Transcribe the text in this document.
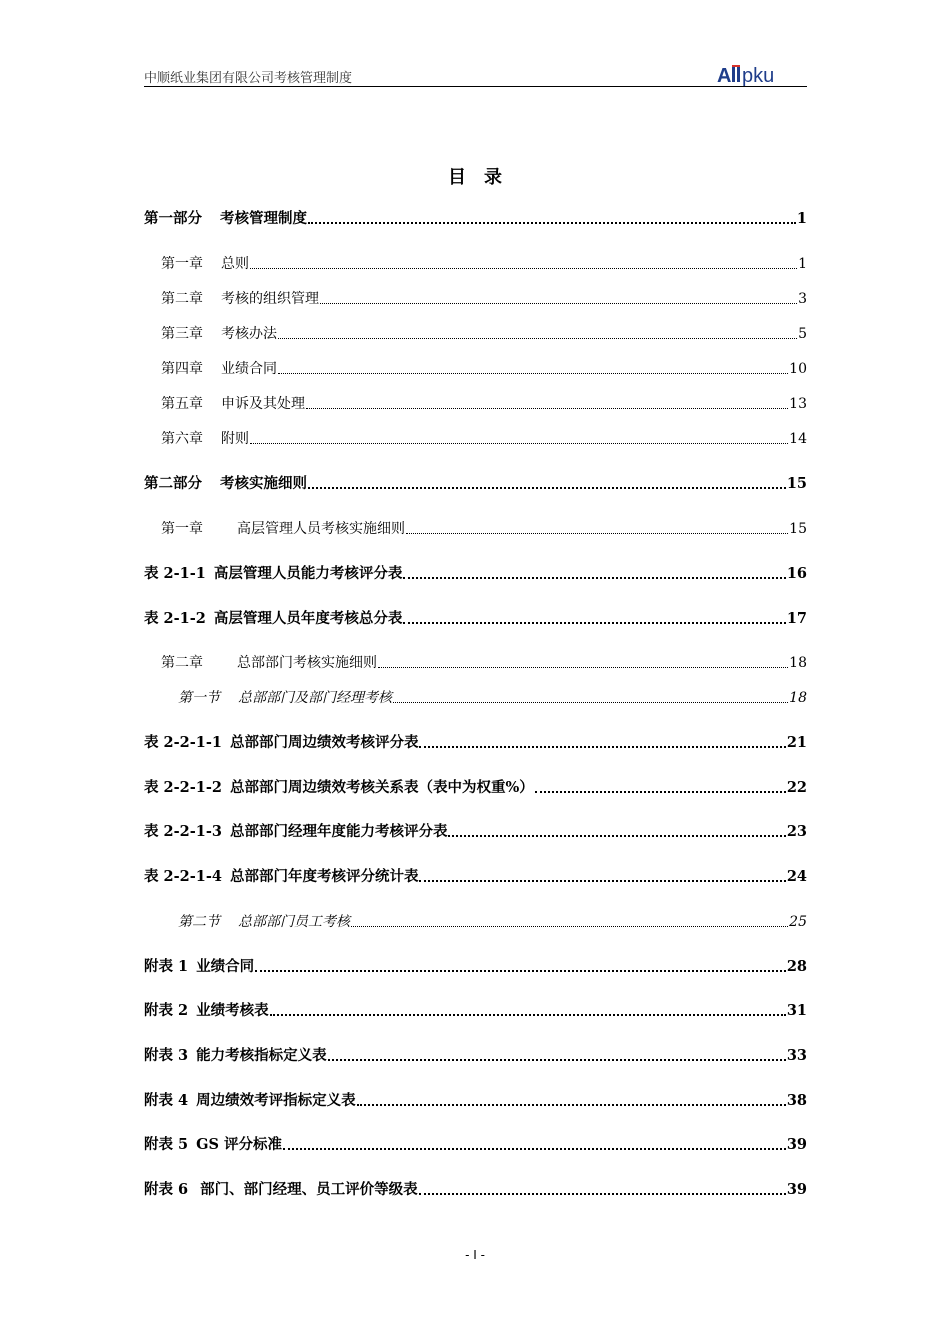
中顺纸业集团有限公司考核管理制度	A pku
目录
第一部分 考核管理制度	1
第一章 总则	1
第二章 考核的组织管理	3
第三章 考核办法	5
第四章 业绩合同	10
第五章 申诉及其处理	13
第六章 附则	14
第二部分 考核实施细则	15
第一章 高层管理人员考核实施细则	15
表 2-1-1 高层管理人员能力考核评分表	16
表 2-1-2 高层管理人员年度考核总分表	17
第二章 总部部门考核实施细则	18
第一节 总部部门及部门经理考核	18
表 2-2-1-1 总部部门周边绩效考核评分表	21
表 2-2-1-2 总部部门周边绩效考核关系表（表中为权重%）	22
表 2-2-1-3 总部部门经理年度能力考核评分表	23
表 2-2-1-4 总部部门年度考核评分统计表	24
第二节 总部部门员工考核	25
附表 1 业绩合同	28
附表 2 业绩考核表	31
附表 3 能力考核指标定义表	33
附表 4 周边绩效考评指标定义表	38
附表 5 GS 评分标准	39
附表 6 部门、部门经理、员工评价等级表	39
- I -
